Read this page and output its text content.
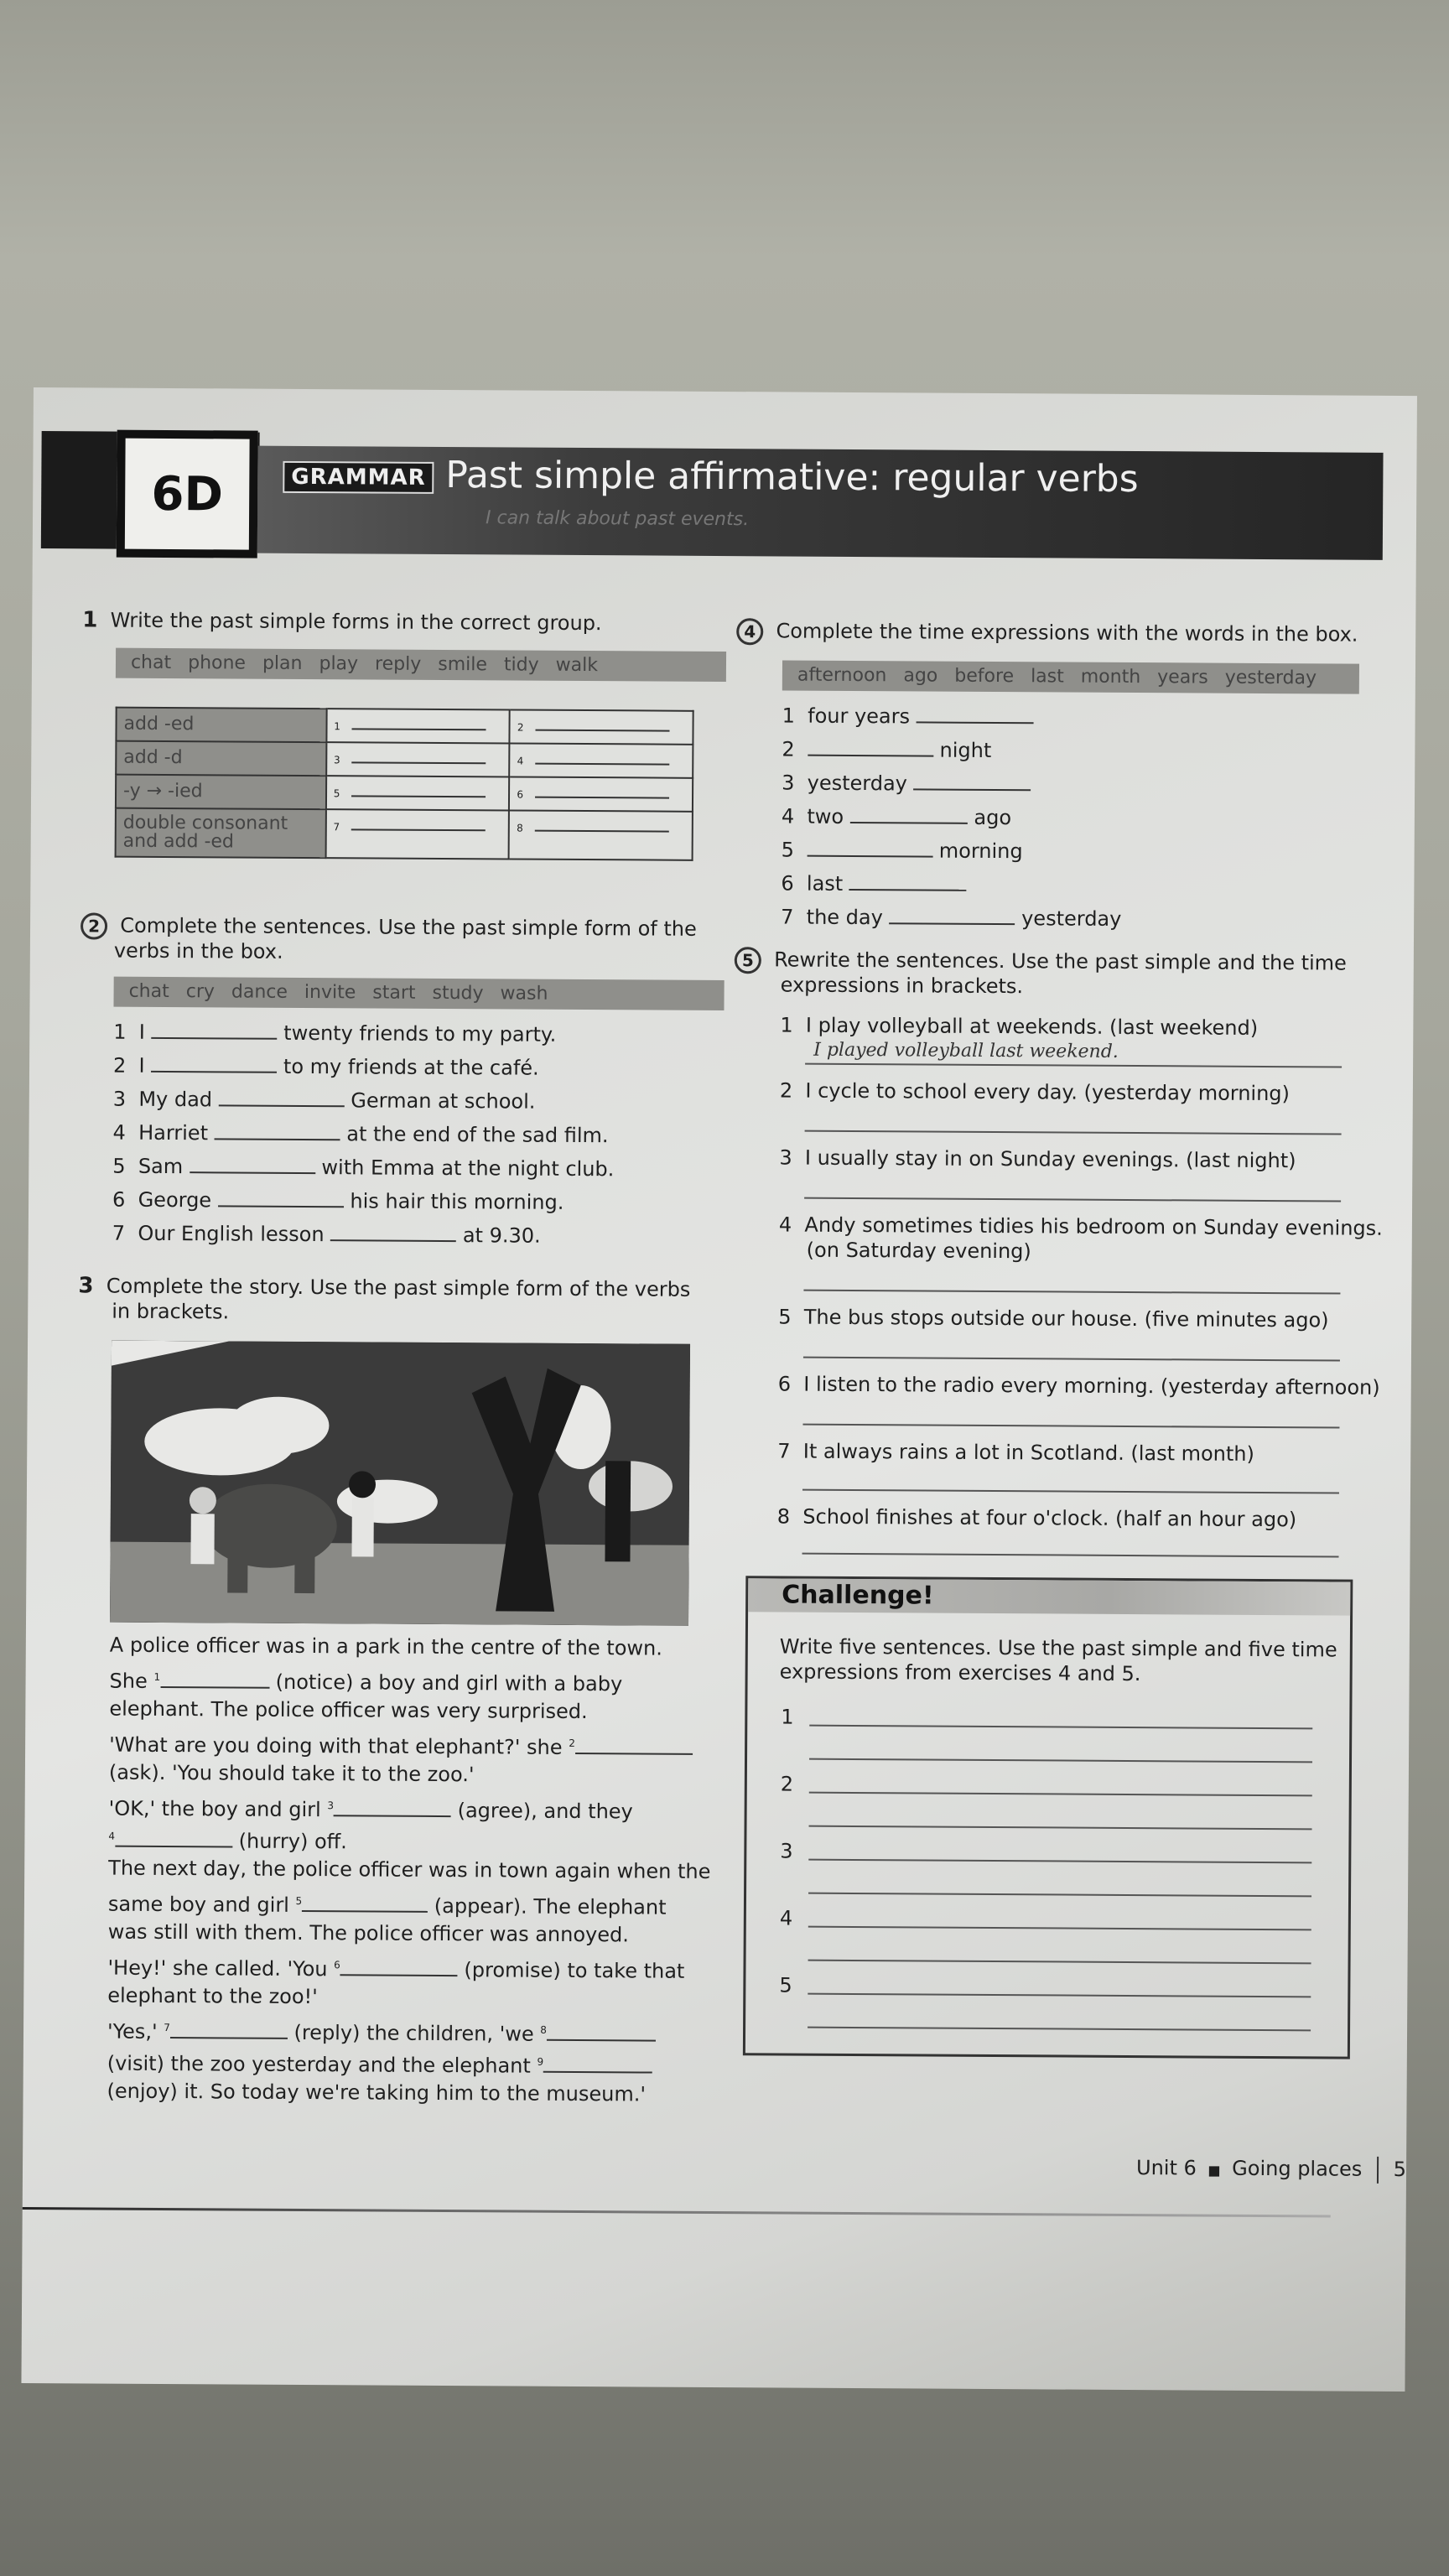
6D	GRAMMAR Past simple affirmative: regular verbs
I can talk about past events.
1 Write the past simple forms in the correct group.
chat phone plan play reply smile tidy walk
add -ed	1	2
add -d	3	4
-y → -ied	5	6
double consonant and add -ed	7	8
2 Complete the sentences. Use the past simple form of the
verbs in the box.
chat cry dance invite start study wash
1 I	twenty friends to my party.
2 I	to my friends at the café.
3 My dad	German at school.
4 Harriet	at the end of the sad film.
5 Sam	with Emma at the night club.
6 George	his hair this morning.
7 Our English lesson	at 9.30.
3 Complete the story. Use the past simple form of the verbs
in brackets.
A police officer was in a park in the centre of the town.
She $^1$	(notice) a boy and girl with a baby
elephant. The police officer was very surprised.
'What are you doing with that elephant?' she $^2$
(ask). 'You should take it to the zoo.'
'OK,' the boy and girl $^3$	(agree), and they
$^4$	(hurry) off.
The next day, the police officer was in town again when the
same boy and girl $^5$	(appear). The elephant
was still with them. The police officer was annoyed.
'Hey!' she called. 'You $^6$	(promise) to take that
elephant to the zoo!'
'Yes,' $^7$	(reply) the children, 'we $^8$
(visit) the zoo yesterday and the elephant $^9$
(enjoy) it. So today we're taking him to the museum.'
4 Complete the time expressions with the words in the box.
afternoon ago before last month years yesterday
1 four years
2	night
3 yesterday
4 two	ago
5	morning
6 last
7 the day	yesterday
5 Rewrite the sentences. Use the past simple and the time
expressions in brackets.
1 I play volleyball at weekends. (last weekend)
I played volleyball last weekend.
2 I cycle to school every day. (yesterday morning)
3 I usually stay in on Sunday evenings. (last night)
4 Andy sometimes tidies his bedroom on Sunday evenings.
(on Saturday evening)
5 The bus stops outside our house. (five minutes ago)
6 I listen to the radio every morning. (yesterday afternoon)
7 It always rains a lot in Scotland. (last month)
8 School finishes at four o'clock. (half an hour ago)
Challenge!
Write five sentences. Use the past simple and five time
expressions from exercises 4 and 5.
1
2
3
4
5
Unit 6 ■ Going places 5
